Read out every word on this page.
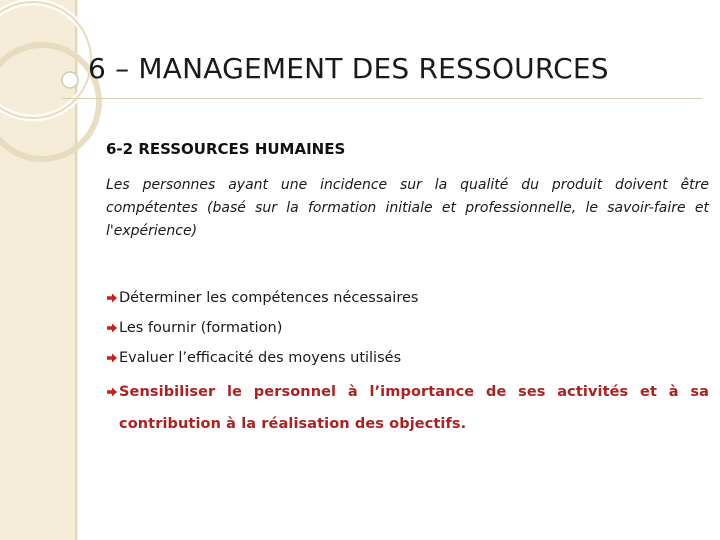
6 – MANAGEMENT DES RESSOURCES
6-2 RESSOURCES HUMAINES
Les personnes ayant une incidence sur la qualité du produit doivent être compétentes (basé sur la formation initiale et professionnelle, le savoir-faire et l'expérience)
Déterminer les compétences nécessaires
Les fournir (formation)
Evaluer l’efficacité des moyens utilisés
Sensibiliser le personnel à l’importance de ses activités et à sa contribution à la réalisation des objectifs.
